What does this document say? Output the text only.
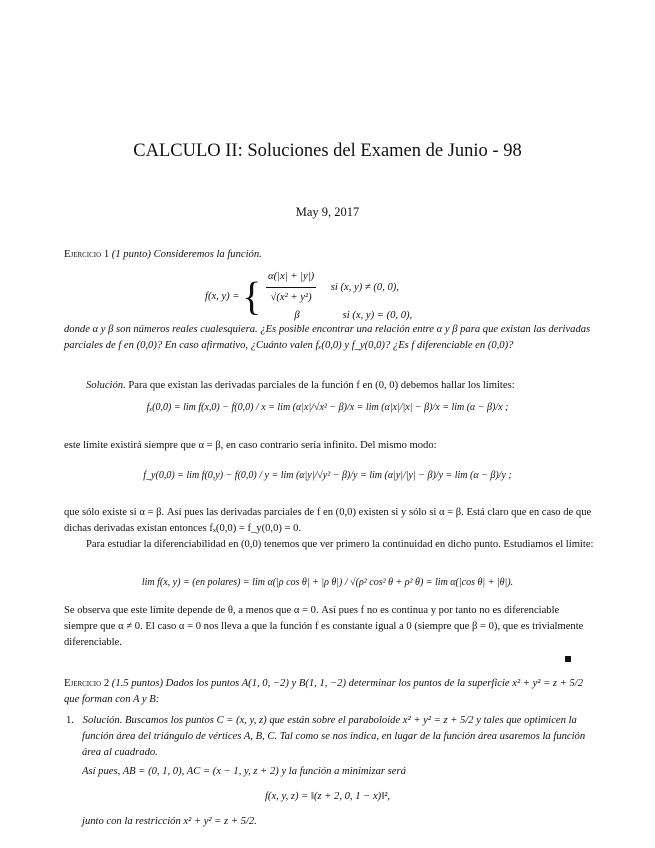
CALCULO II: Soluciones del Examen de Junio - 98
May 9, 2017
Ejercicio 1 (1 punto) Consideremos la función.
f(x, y) = { $\frac{\alpha(|x| + |y|)}{\text{√(x² + y²)}}$ si (x, y) ≠ (0, 0),
β	si (x, y) = (0, 0),
donde α y β son números reales cualesquiera. ¿Es posible encontrar una relación entre α y β para que existan las derivadas parciales de f en (0,0)? En caso afirmativo, ¿Cuánto valen fₓ(0,0) y f_y(0,0)? ¿Es f diferenciable en (0,0)?
Solución. Para que existan las derivadas parciales de la función f en (0, 0) debemos hallar los límites:
fₓ(0,0) = lim f(x,0) − f(0,0) / x = lim (α|x|/√x² − β)/x = lim (α|x|/|x| − β)/x = lim (α − β)/x ;
este límite existirá siempre que α = β, en caso contrario sería infinito. Del mismo modo:
f_y(0,0) = lim f(0,y) − f(0,0) / y = lim (α|y|/√y² − β)/y = lim (α|y|/|y| − β)/y = lim (α − β)/y ;
que sólo existe si α = β. Así pues las derivadas parciales de f en (0,0) existen si y sólo si α = β. Está claro que en caso de que dichas derivadas existan entonces fₓ(0,0) = f_y(0,0) = 0.
Para estudiar la diferenciabilidad en (0,0) tenemos que ver primero la continuidad en dicho punto. Estudiamos el límite:
lim f(x, y) = (en polares) = lim α(|ρ cos θ| + |ρ θ|) / √(ρ² cos² θ + ρ² θ) = lim α(|cos θ| + |θ|).
Se observa que este límite depende de θ, a menos que α = 0. Así pues f no es continua y por tanto no es diferenciable siempre que α ≠ 0. El caso α = 0 nos lleva a que la función f es constante igual a 0 (siempre que β = 0), que es trivialmente diferenciable.
Ejercicio 2 (1.5 puntos) Dados los puntos A(1, 0, −2) y B(1, 1, −2) determinar los puntos de la superficie x² + y² = z + 5/2 que forman con A y B:
1. Solución. Buscamos los puntos C = (x, y, z) que están sobre el paraboloide x² + y² = z + 5/2 y tales que optimicen la función área del triángulo de vértices A, B, C. Tal como se nos indica, en lugar de la función área usaremos la función área al cuadrado.
Así pues, AB = (0, 1, 0), AC = (x − 1, y, z + 2) y la función a minimizar será
f(x, y, z) = ‖(z + 2, 0, 1 − x)‖²,
junto con la restricción x² + y² = z + 5/2.
